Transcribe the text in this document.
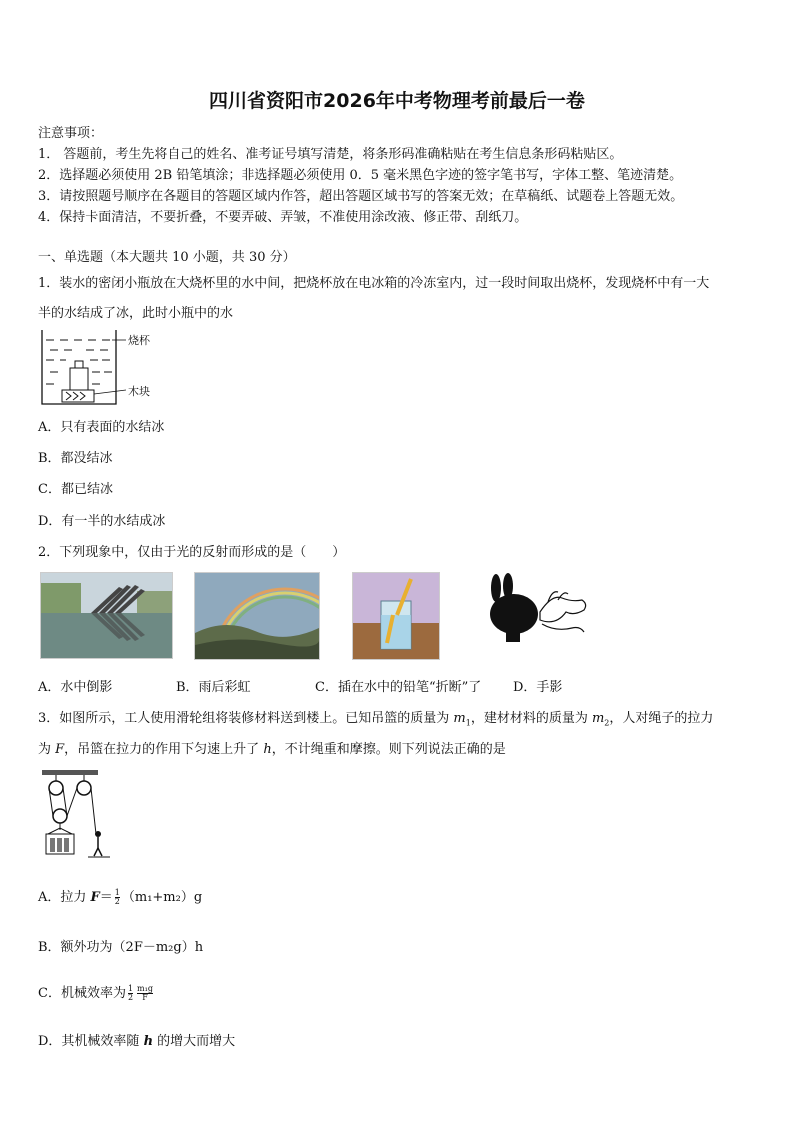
四川省资阳市2026年中考物理考前最后一卷
注意事项：
1． 答题前，考生先将自己的姓名、准考证号填写清楚，将条形码准确粘贴在考生信息条形码粘贴区。
2．选择题必须使用 2B 铅笔填涂；非选择题必须使用 0．5 毫米黑色字迹的签字笔书写，字体工整、笔迹清楚。
3．请按照题号顺序在各题目的答题区域内作答，超出答题区域书写的答案无效；在草稿纸、试题卷上答题无效。
4．保持卡面清洁，不要折叠，不要弄破、弄皱，不准使用涂改液、修正带、刮纸刀。
一、单选题（本大题共 10 小题，共 30 分）
1．装水的密闭小瓶放在大烧杯里的水中间，把烧杯放在电冰箱的冷冻室内，过一段时间取出烧杯，发现烧杯中有一大
半的水结成了冰，此时小瓶中的水
烧杯
木块
A．只有表面的水结冰
B．都没结冰
C．都已结冰
D．有一半的水结成冰
2．下列现象中，仅由于光的反射而形成的是（　　）
A．水中倒影	B．雨后彩虹	C．插在水中的铅笔“折断”了 D．手影
3．如图所示，工人使用滑轮组将装修材料送到楼上。已知吊篮的质量为 $m_1$，建材材料的质量为 $m_2$，人对绳子的拉力
为 F，吊篮在拉力的作用下匀速上升了 h，不计绳重和摩擦。则下列说法正确的是
A．拉力 $F= \frac{1}{2} (m_1+m_2)g$
B．额外功为（2F－m₂g）h
C．机械效率为 $\frac{1}{2} \frac{\text{m₁g}}{F}$
D．其机械效率随 h 的增大而增大
